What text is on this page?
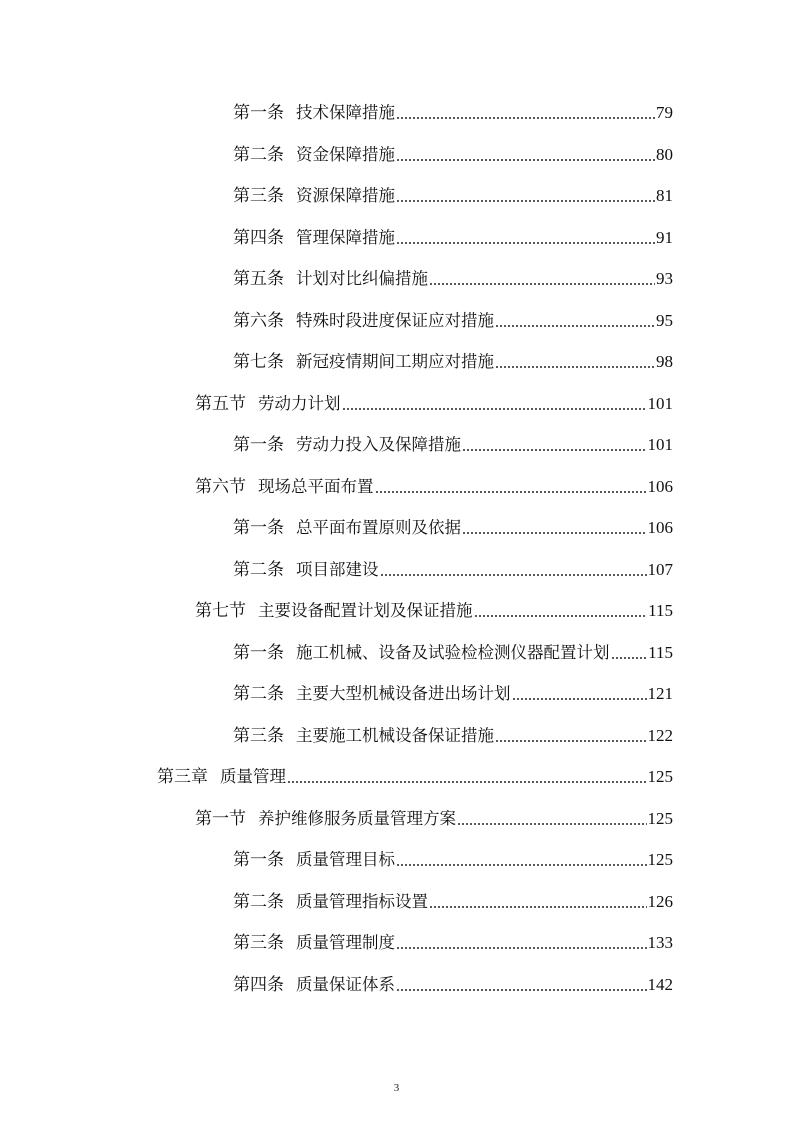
第一条 技术保障措施	79
第二条 资金保障措施	80
第三条 资源保障措施	81
第四条 管理保障措施	91
第五条 计划对比纠偏措施	93
第六条 特殊时段进度保证应对措施	95
第七条 新冠疫情期间工期应对措施	98
第五节 劳动力计划	101
第一条 劳动力投入及保障措施	101
第六节 现场总平面布置	106
第一条 总平面布置原则及依据	106
第二条 项目部建设	107
第七节 主要设备配置计划及保证措施	115
第一条 施工机械、设备及试验检检测仪器配置计划 115
第二条 主要大型机械设备进出场计划	121
第三条 主要施工机械设备保证措施	122
第三章 质量管理	125
第一节 养护维修服务质量管理方案	125
第一条 质量管理目标	125
第二条 质量管理指标设置	126
第三条 质量管理制度	133
第四条 质量保证体系	142
3
